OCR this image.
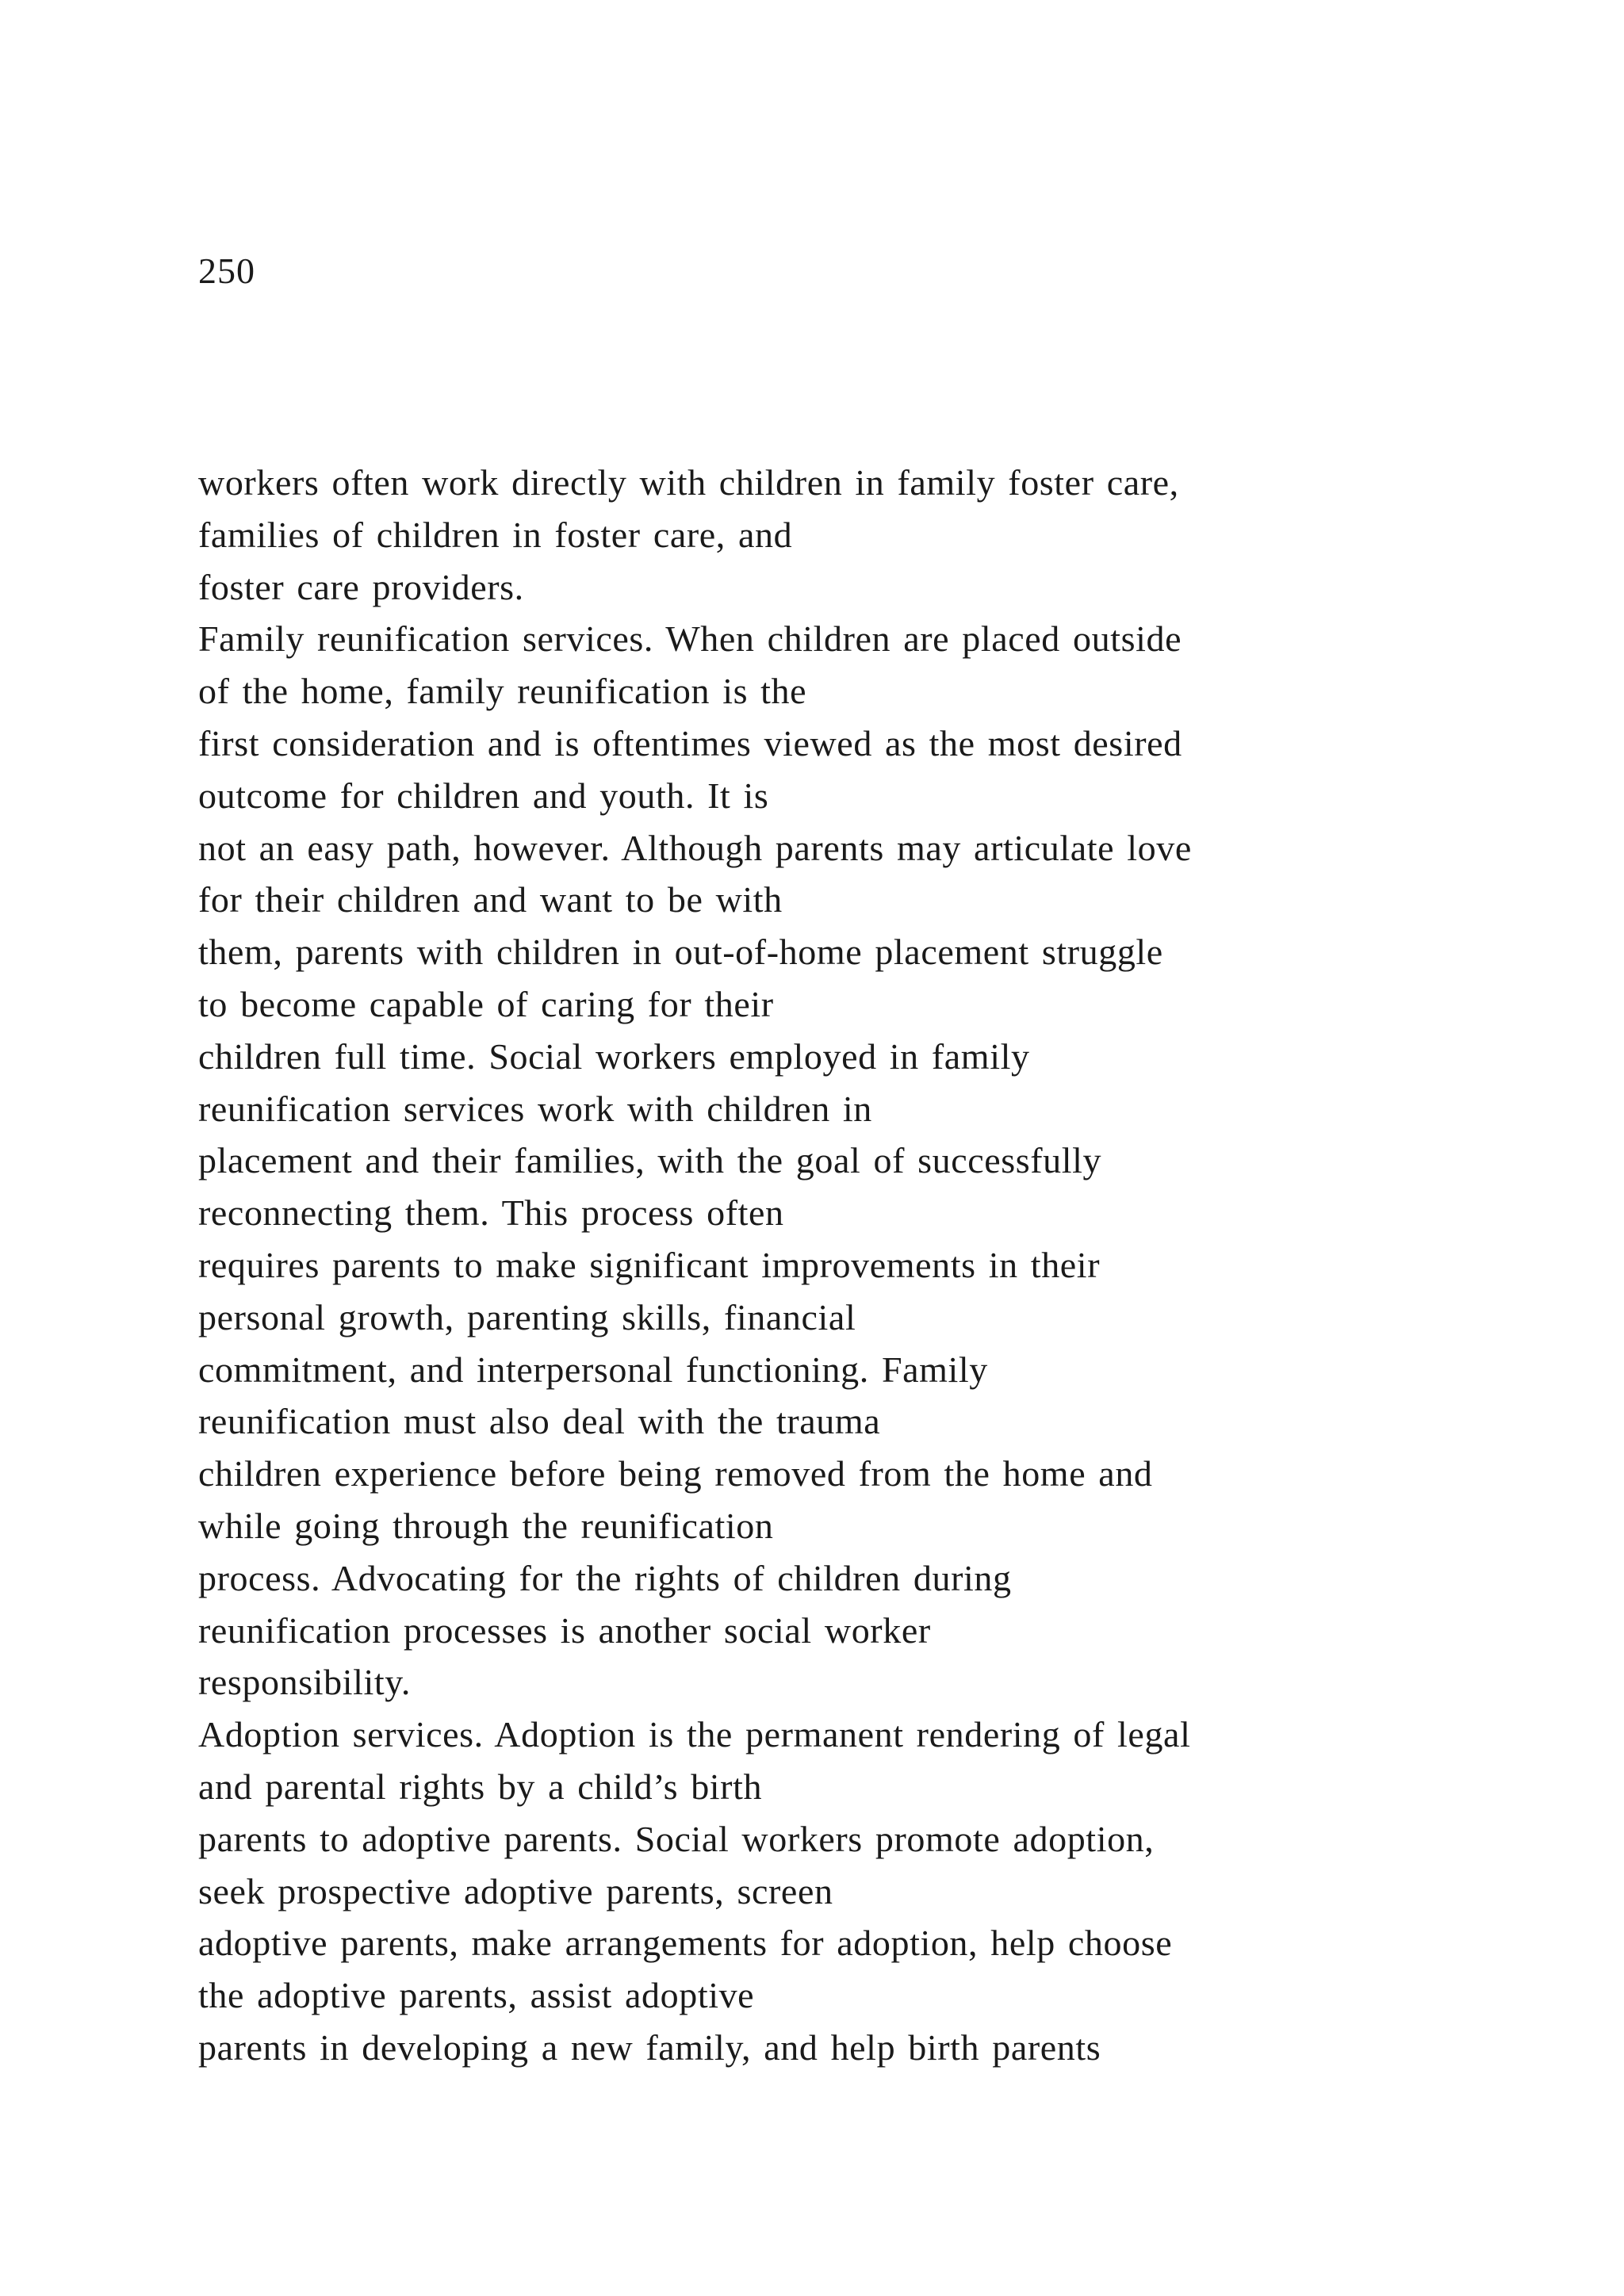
250
workers often work directly with children in family foster care,
families of children in foster care, and
foster care providers.
Family reunification services. When children are placed outside
of the home, family reunification is the
first consideration and is oftentimes viewed as the most desired
outcome for children and youth. It is
not an easy path, however. Although parents may articulate love
for their children and want to be with
them, parents with children in out-of-home placement struggle
to become capable of caring for their
children full time. Social workers employed in family
reunification services work with children in
placement and their families, with the goal of successfully
reconnecting them. This process often
requires parents to make significant improvements in their
personal growth, parenting skills, financial
commitment, and interpersonal functioning. Family
reunification must also deal with the trauma
children experience before being removed from the home and
while going through the reunification
process. Advocating for the rights of children during
reunification processes is another social worker
responsibility.
Adoption services. Adoption is the permanent rendering of legal
and parental rights by a child’s birth
parents to adoptive parents. Social workers promote adoption,
seek prospective adoptive parents, screen
adoptive parents, make arrangements for adoption, help choose
the adoptive parents, assist adoptive
parents in developing a new family, and help birth parents
